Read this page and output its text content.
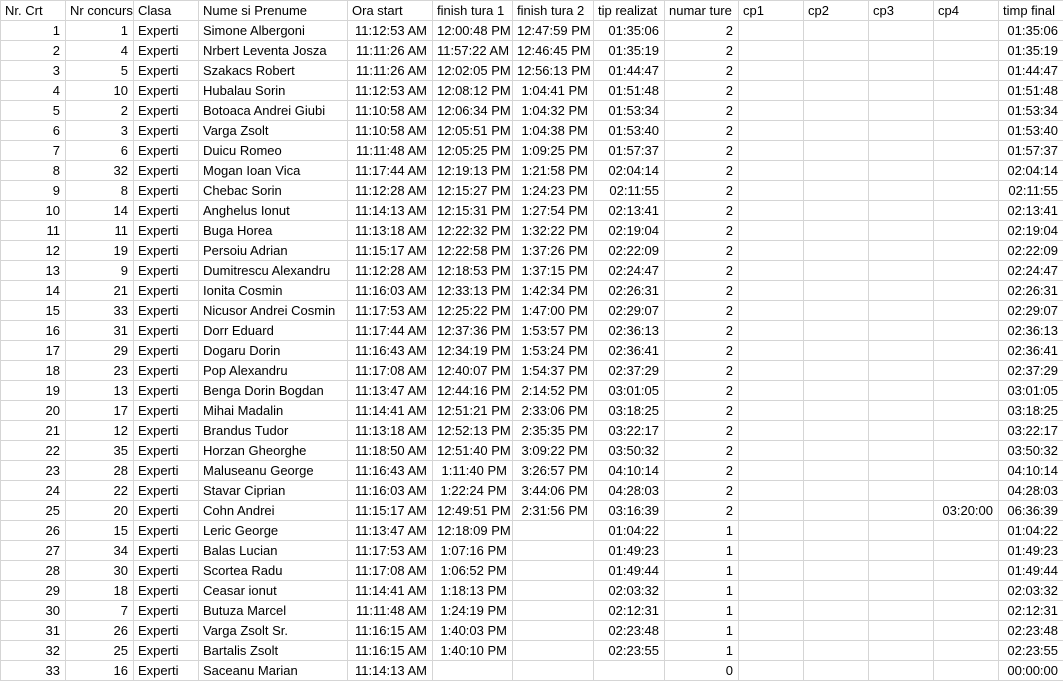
Nr. Crt	Nr concurs	Clasa	Nume si Prenume	Ora start	finish tura 1	finish tura 2	tip realizat	numar ture	cp1	cp2	cp3	cp4	timp final
1	1	Experti	Simone Albergoni	11:12:53 AM	12:00:48 PM	12:47:59 PM	01:35:06	2					01:35:06
2	4	Experti	Nrbert Leventa Josza	11:11:26 AM	11:57:22 AM	12:46:45 PM	01:35:19	2					01:35:19
3	5	Experti	Szakacs Robert	11:11:26 AM	12:02:05 PM	12:56:13 PM	01:44:47	2					01:44:47
4	10	Experti	Hubalau Sorin	11:12:53 AM	12:08:12 PM	1:04:41 PM	01:51:48	2					01:51:48
5	2	Experti	Botoaca Andrei Giubi	11:10:58 AM	12:06:34 PM	1:04:32 PM	01:53:34	2					01:53:34
6	3	Experti	Varga Zsolt	11:10:58 AM	12:05:51 PM	1:04:38 PM	01:53:40	2					01:53:40
7	6	Experti	Duicu Romeo	11:11:48 AM	12:05:25 PM	1:09:25 PM	01:57:37	2					01:57:37
8	32	Experti	Mogan Ioan Vica	11:17:44 AM	12:19:13 PM	1:21:58 PM	02:04:14	2					02:04:14
9	8	Experti	Chebac Sorin	11:12:28 AM	12:15:27 PM	1:24:23 PM	02:11:55	2					02:11:55
10	14	Experti	Anghelus Ionut	11:14:13 AM	12:15:31 PM	1:27:54 PM	02:13:41	2					02:13:41
11	11	Experti	Buga Horea	11:13:18 AM	12:22:32 PM	1:32:22 PM	02:19:04	2					02:19:04
12	19	Experti	Persoiu Adrian	11:15:17 AM	12:22:58 PM	1:37:26 PM	02:22:09	2					02:22:09
13	9	Experti	Dumitrescu Alexandru	11:12:28 AM	12:18:53 PM	1:37:15 PM	02:24:47	2					02:24:47
14	21	Experti	Ionita Cosmin	11:16:03 AM	12:33:13 PM	1:42:34 PM	02:26:31	2					02:26:31
15	33	Experti	Nicusor Andrei Cosmin	11:17:53 AM	12:25:22 PM	1:47:00 PM	02:29:07	2					02:29:07
16	31	Experti	Dorr Eduard	11:17:44 AM	12:37:36 PM	1:53:57 PM	02:36:13	2					02:36:13
17	29	Experti	Dogaru Dorin	11:16:43 AM	12:34:19 PM	1:53:24 PM	02:36:41	2					02:36:41
18	23	Experti	Pop Alexandru	11:17:08 AM	12:40:07 PM	1:54:37 PM	02:37:29	2					02:37:29
19	13	Experti	Benga Dorin Bogdan	11:13:47 AM	12:44:16 PM	2:14:52 PM	03:01:05	2					03:01:05
20	17	Experti	Mihai Madalin	11:14:41 AM	12:51:21 PM	2:33:06 PM	03:18:25	2					03:18:25
21	12	Experti	Brandus Tudor	11:13:18 AM	12:52:13 PM	2:35:35 PM	03:22:17	2					03:22:17
22	35	Experti	Horzan Gheorghe	11:18:50 AM	12:51:40 PM	3:09:22 PM	03:50:32	2					03:50:32
23	28	Experti	Maluseanu George	11:16:43 AM	1:11:40 PM	3:26:57 PM	04:10:14	2					04:10:14
24	22	Experti	Stavar Ciprian	11:16:03 AM	1:22:24 PM	3:44:06 PM	04:28:03	2					04:28:03
25	20	Experti	Cohn Andrei	11:15:17 AM	12:49:51 PM	2:31:56 PM	03:16:39	2				03:20:00	06:36:39
26	15	Experti	Leric George	11:13:47 AM	12:18:09 PM		01:04:22	1					01:04:22
27	34	Experti	Balas Lucian	11:17:53 AM	1:07:16 PM		01:49:23	1					01:49:23
28	30	Experti	Scortea Radu	11:17:08 AM	1:06:52 PM		01:49:44	1					01:49:44
29	18	Experti	Ceasar ionut	11:14:41 AM	1:18:13 PM		02:03:32	1					02:03:32
30	7	Experti	Butuza Marcel	11:11:48 AM	1:24:19 PM		02:12:31	1					02:12:31
31	26	Experti	Varga Zsolt Sr.	11:16:15 AM	1:40:03 PM		02:23:48	1					02:23:48
32	25	Experti	Bartalis Zsolt	11:16:15 AM	1:40:10 PM		02:23:55	1					02:23:55
33	16	Experti	Saceanu Marian	11:14:13 AM				0					00:00:00
